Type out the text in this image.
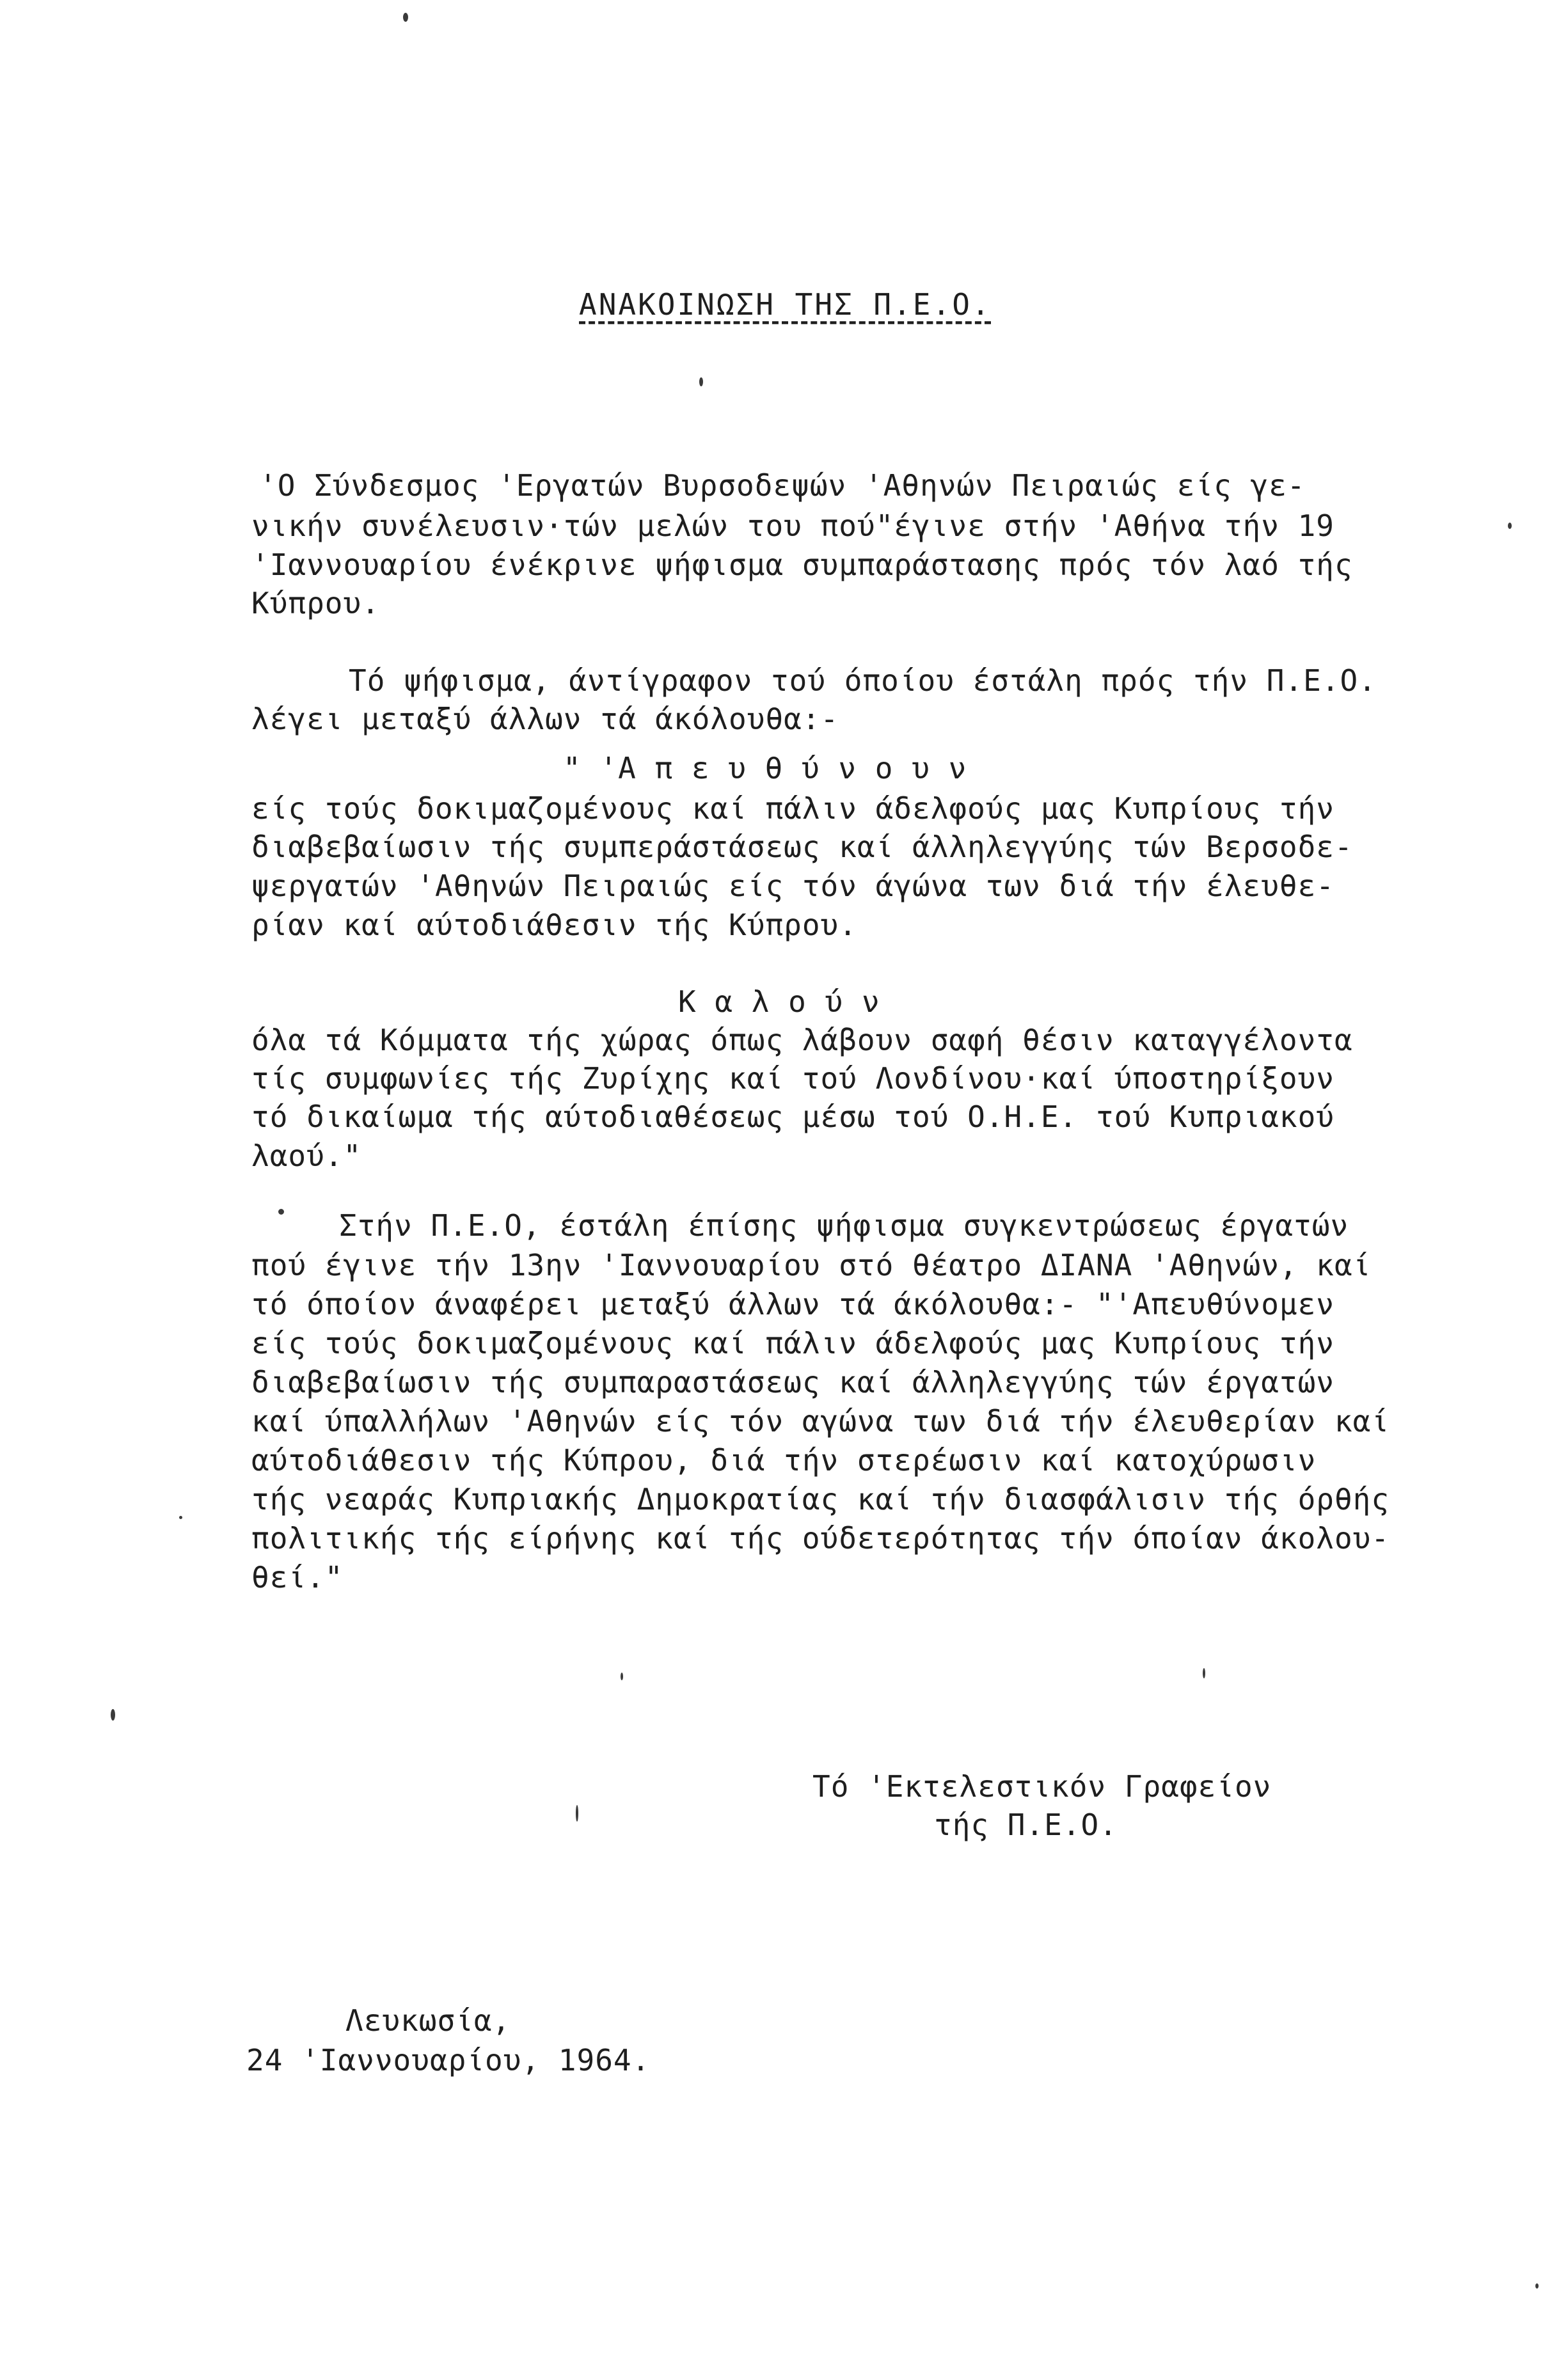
ΑΝΑΚΟΙΝΩΣΗ ΤΗΣ Π.Ε.Ο.
'Ο Σύνδεσμος 'Εργατών Βυρσοδεψών 'Αθηνών Πειραιώς είς γε-
νικήν συνέλευσιν·τών μελών του πού"έγινε στήν 'Αθήνα τήν 19
'Ιαννουαρίου ένέκρινε ψήφισμα συμπαράστασης πρός τόν λαό τής
Κύπρου.
Τό ψήφισμα, άντίγραφον τού όποίου έστάλη πρός τήν Π.Ε.Ο.
λέγει μεταξύ άλλων τά άκόλουθα:-
" 'Α π ε υ θ ύ ν ο υ ν
είς τούς δοκιμαζομένους καί πάλιν άδελφούς μας Κυπρίους τήν
διαβεβαίωσιν τής συμπεράστάσεως καί άλληλεγγύης τών Βερσοδε-
ψεργατών 'Αθηνών Πειραιώς είς τόν άγώνα των διά τήν έλευθε-
ρίαν καί αύτοδιάθεσιν τής Κύπρου.
Κ α λ ο ύ ν
όλα τά Κόμματα τής χώρας όπως λάβουν σαφή θέσιν καταγγέλοντα
τίς συμφωνίες τής Ζυρίχης καί τού Λονδίνου·καί ύποστηρίξουν
τό δικαίωμα τής αύτοδιαθέσεως μέσω τού Ο.Η.Ε. τού Κυπριακού
λαού."
Στήν Π.Ε.Ο, έστάλη έπίσης ψήφισμα συγκεντρώσεως έργατών
πού έγινε τήν 13ην 'Ιαννουαρίου στό θέατρο ΔΙΑΝΑ 'Αθηνών, καί
τό όποίον άναφέρει μεταξύ άλλων τά άκόλουθα:- "'Απευθύνομεν
είς τούς δοκιμαζομένους καί πάλιν άδελφούς μας Κυπρίους τήν
διαβεβαίωσιν τής συμπαραστάσεως καί άλληλεγγύης τών έργατών
καί ύπαλλήλων 'Αθηνών είς τόν αγώνα των διά τήν έλευθερίαν καί
αύτοδιάθεσιν τής Κύπρου, διά τήν στερέωσιν καί κατοχύρωσιν
τής νεαράς Κυπριακής Δημοκρατίας καί τήν διασφάλισιν τής όρθής
πολιτικής τής είρήνης καί τής ούδετερότητας τήν όποίαν άκολου-
θεί."
Τό 'Εκτελεστικόν Γραφείον
τής Π.Ε.Ο.
Λευκωσία,
24 'Ιαννουαρίου, 1964.
